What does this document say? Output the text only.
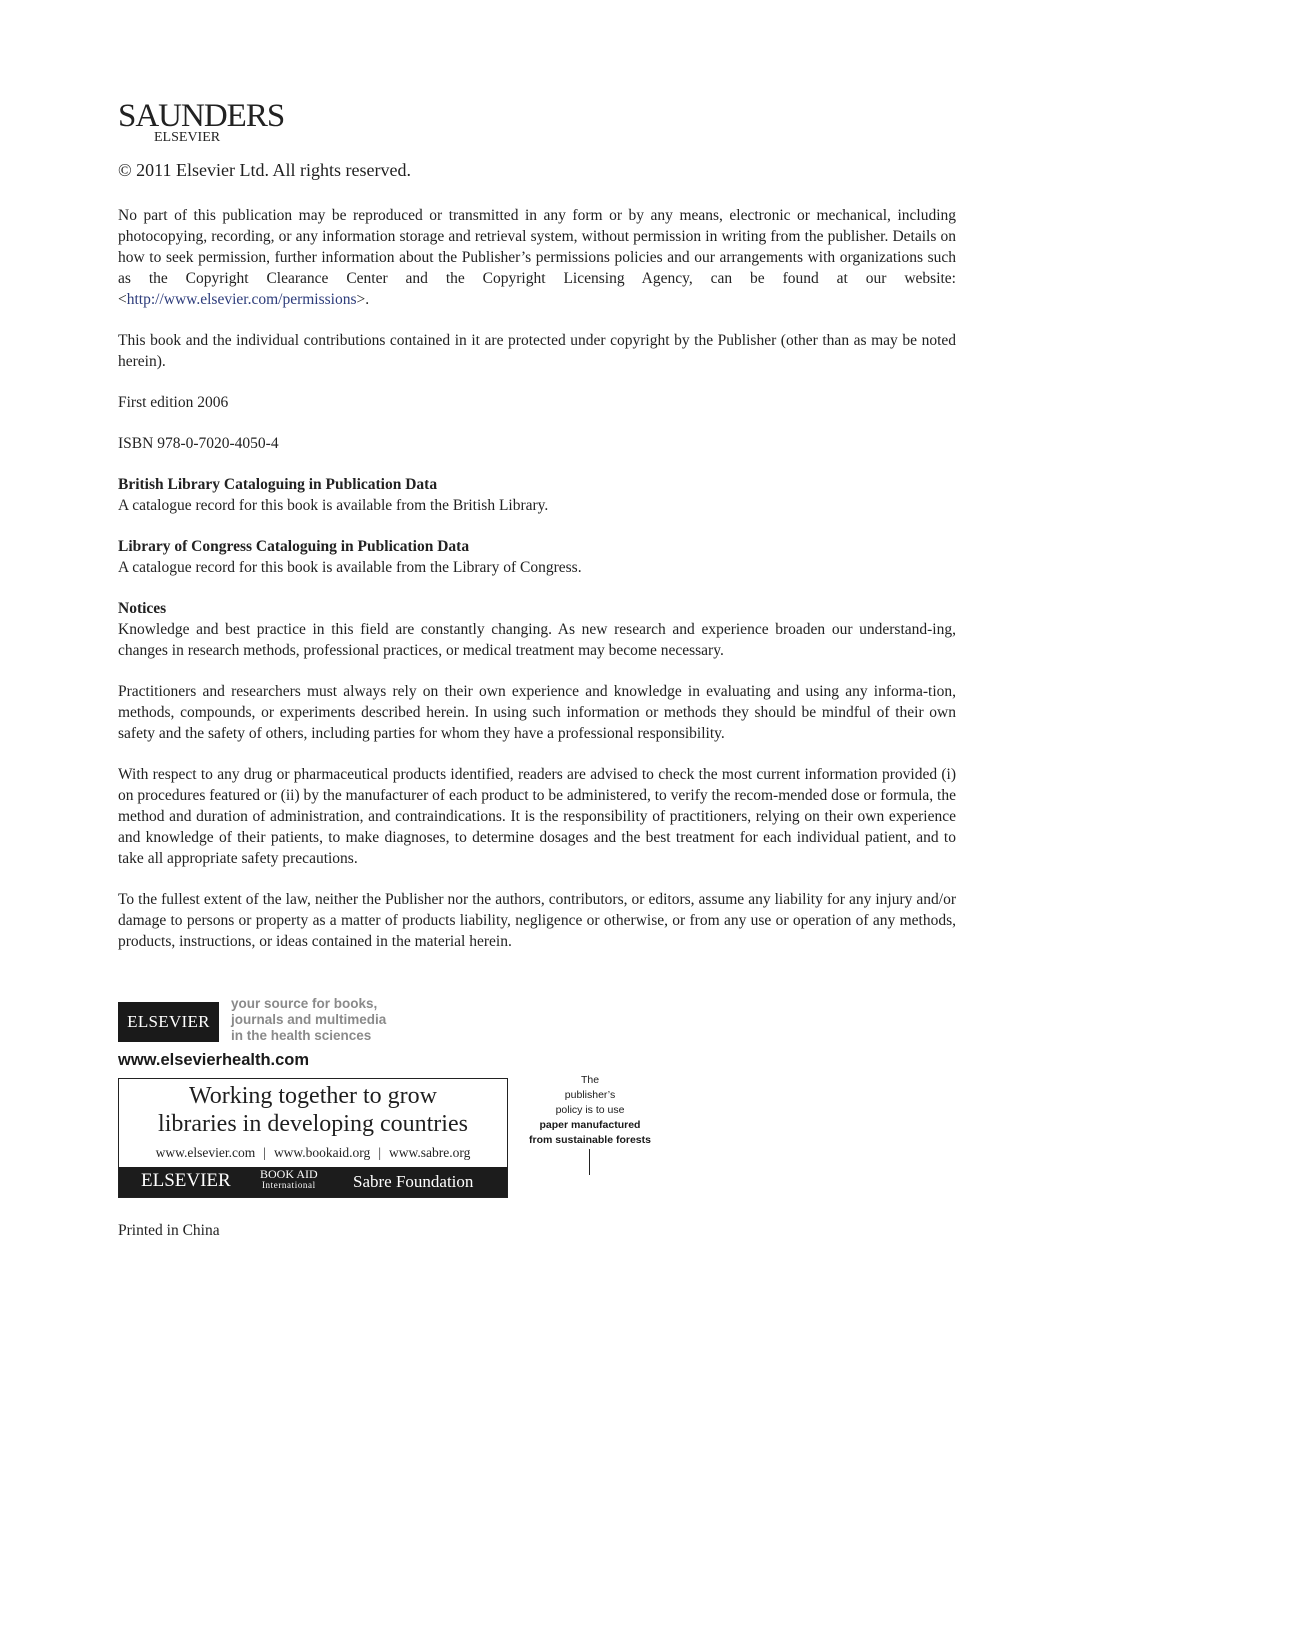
SAUNDERS
ELSEVIER
© 2011 Elsevier Ltd. All rights reserved.

No part of this publication may be reproduced or transmitted in any form or by any means, electronic or mechanical, including photocopying, recording, or any information storage and retrieval system, without permission in writing from the publisher. Details on how to seek permission, further information about the Publisher’s permissions policies and our arrangements with organizations such as the Copyright Clearance Center and the Copyright Licensing Agency, can be found at our website: <http://www.elsevier.com/permissions>.

This book and the individual contributions contained in it are protected under copyright by the Publisher (other than as may be noted herein).

First edition 2006

ISBN 978-0-7020-4050-4

British Library Cataloguing in Publication Data
A catalogue record for this book is available from the British Library.

Library of Congress Cataloguing in Publication Data
A catalogue record for this book is available from the Library of Congress.

Notices
Knowledge and best practice in this field are constantly changing. As new research and experience broaden our understand-ing, changes in research methods, professional practices, or medical treatment may become necessary.

Practitioners and researchers must always rely on their own experience and knowledge in evaluating and using any informa-tion, methods, compounds, or experiments described herein. In using such information or methods they should be mindful of their own safety and the safety of others, including parties for whom they have a professional responsibility.

With respect to any drug or pharmaceutical products identified, readers are advised to check the most current information provided (i) on procedures featured or (ii) by the manufacturer of each product to be administered, to verify the recom-mended dose or formula, the method and duration of administration, and contraindications. It is the responsibility of practitioners, relying on their own experience and knowledge of their patients, to make diagnoses, to determine dosages and the best treatment for each individual patient, and to take all appropriate safety precautions.

To the fullest extent of the law, neither the Publisher nor the authors, contributors, or editors, assume any liability for any injury and/or damage to persons or property as a matter of products liability, negligence or otherwise, or from any use or operation of any methods, products, instructions, or ideas contained in the material herein.

ELSEVIER
your source for books,
journals and multimedia
in the health sciences
www.elsevierhealth.com
Working together to grow
libraries in developing countries
www.elsevier.com | www.bookaid.org | www.sabre.org
ELSEVIER BOOK AID
International Sabre Foundation
The
publisher’s
policy is to use
paper manufactured
from sustainable forests
Printed in China
